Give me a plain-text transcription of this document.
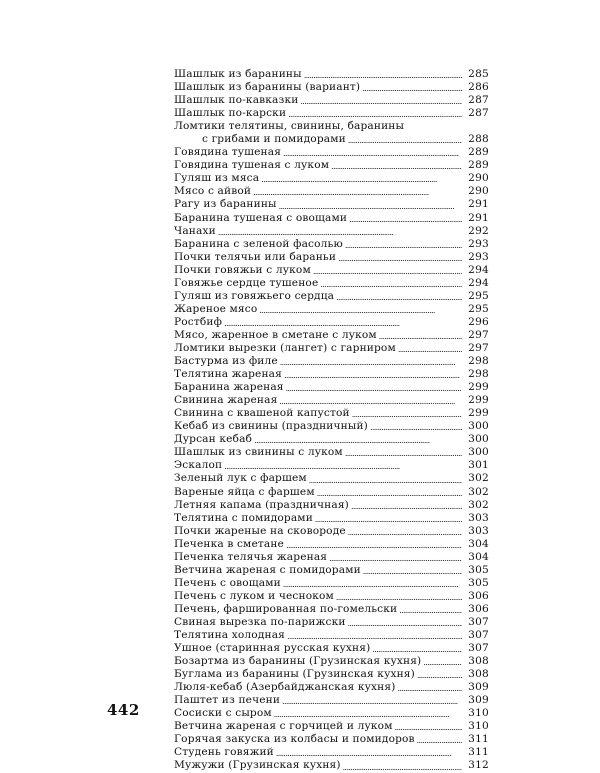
Шашлык из баранины . . .	285
Шашлык из баранины (вариант) . . .	286
Шашлык по-кавказки . . .	287
Шашлык по-карски . . .	287
Ломтики телятины, свинины, баранины
с грибами и помидорами . . .	288
Говядина тушеная . . .	289
Говядина тушеная с луком . . .	289
Гуляш из мяса . . .	290
Мясо с айвой . . .	290
Рагу из баранины . . .	291
Баранина тушеная с овощами . . .	291
Чанахи . . .	292
Баранина с зеленой фасолью . . .	293
Почки телячьи или бараньи . . .	293
Почки говяжьи с луком . . .	294
Говяжье сердце тушеное . . .	294
Гуляш из говяжьего сердца . . .	295
Жареное мясо . . .	295
Ростбиф . . .	296
Мясо, жаренное в сметане с луком . . .	297
Ломтики вырезки (лангет) с гарниром . . .	297
Бастурма из филе . . .	298
Телятина жареная . . .	298
Баранина жареная . . .	299
Свинина жареная . . .	299
Свинина с квашеной капустой . . .	299
Кебаб из свинины (праздничный) . . .	300
Дурсан кебаб . . .	300
Шашлык из свинины с луком . . .	300
Эскалоп . . .	301
Зеленый лук с фаршем . . .	302
Вареные яйца с фаршем . . .	302
Летняя капама (праздничная) . . .	302
Телятина с помидорами . . .	303
Почки жареные на сковороде . . .	303
Печенка в сметане . . .	304
Печенка телячья жареная . . .	304
Ветчина жареная с помидорами . . .	305
Печень с овощами . . .	305
Печень с луком и чесноком . . .	306
Печень, фаршированная по-гомельски . . .	306
Свиная вырезка по-парижски . . .	307
Телятина холодная . . .	307
Ушное (старинная русская кухня) . . .	307
Бозартма из баранины (Грузинская кухня) . . .	308
Буглама из баранины (Грузинская кухня) . . .	308
Люля-кебаб (Азербайджанская кухня) . . .	309
Паштет из печени . . .	309
Сосиски с сыром . . .	310
Ветчина жареная с горчицей и луком . . .	310
Горячая закуска из колбасы и помидоров . . .	311
Студень говяжий . . .	311
Мужужи (Грузинская кухня) . . .	312
442
